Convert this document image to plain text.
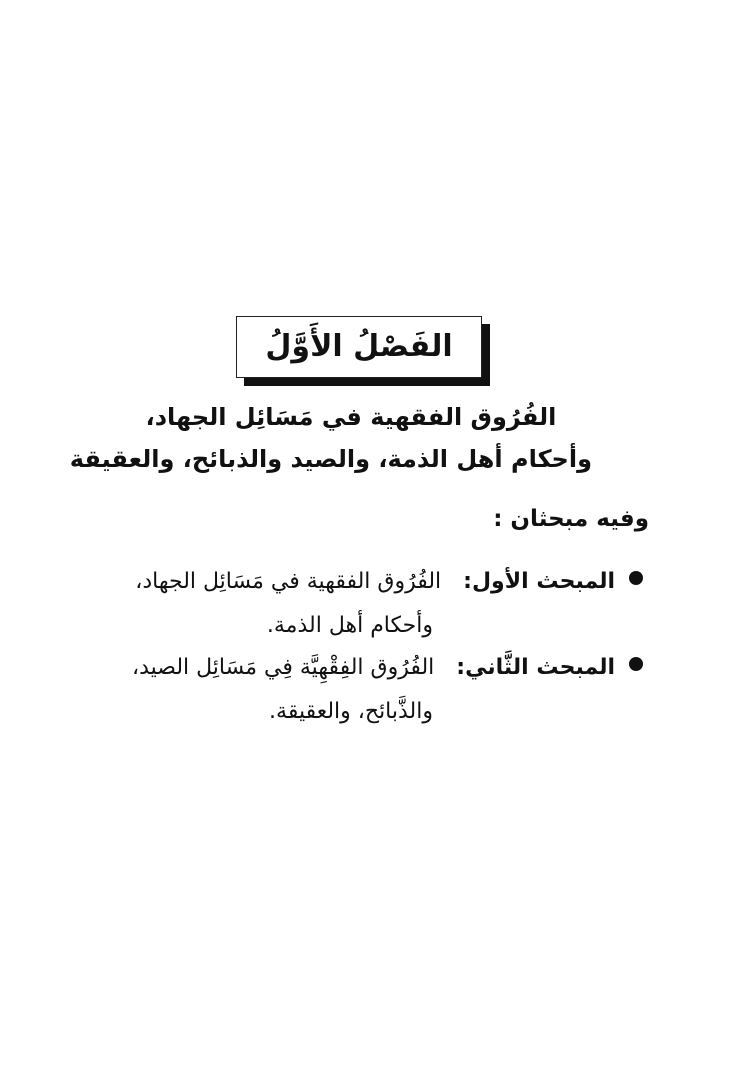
الفَصْلُ الأَوَّلُ
الفُرُوق الفقهية في مَسَائِل الجهاد،
وأحكام أهل الذمة، والصيد والذبائح، والعقيقة
وفيه مبحثان :
المبحث الأول:
الفُرُوق الفقهية في مَسَائِل الجهاد،
وأحكام أهل الذمة.
المبحث الثَّاني:
الفُرُوق الفِقْهِيَّة فِي مَسَائِل الصيد،
والذَّبائح، والعقيقة.
